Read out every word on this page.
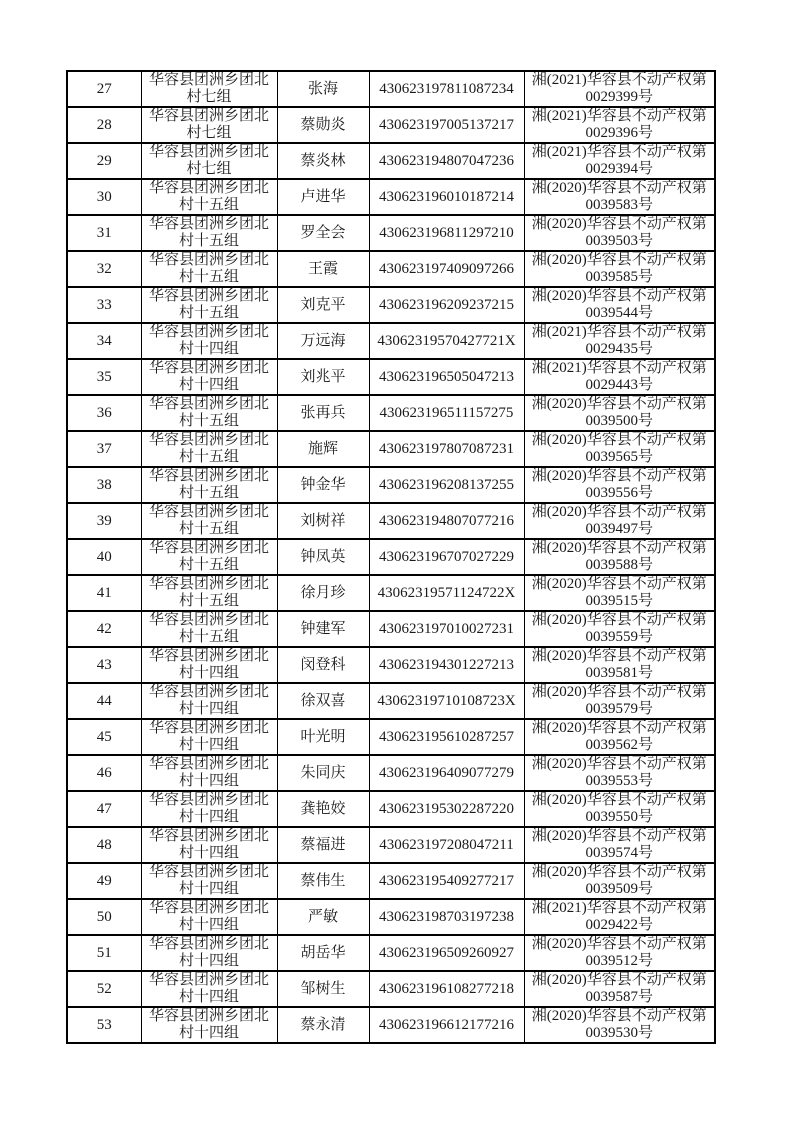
27	华容县团洲乡团北村七组	张海	430623197811087234	湘(2021)华容县不动产权第0029399号
28	华容县团洲乡团北村七组	蔡勋炎	430623197005137217	湘(2021)华容县不动产权第0029396号
29	华容县团洲乡团北村七组	蔡炎林	430623194807047236	湘(2021)华容县不动产权第0029394号
30	华容县团洲乡团北村十五组	卢进华	430623196010187214	湘(2020)华容县不动产权第0039583号
31	华容县团洲乡团北村十五组	罗全会	430623196811297210	湘(2020)华容县不动产权第0039503号
32	华容县团洲乡团北村十五组	王霞	430623197409097266	湘(2020)华容县不动产权第0039585号
33	华容县团洲乡团北村十五组	刘克平	430623196209237215	湘(2020)华容县不动产权第0039544号
34	华容县团洲乡团北村十四组	万远海	43062319570427721X	湘(2021)华容县不动产权第0029435号
35	华容县团洲乡团北村十四组	刘兆平	430623196505047213	湘(2021)华容县不动产权第0029443号
36	华容县团洲乡团北村十五组	张再兵	430623196511157275	湘(2020)华容县不动产权第0039500号
37	华容县团洲乡团北村十五组	施辉	430623197807087231	湘(2020)华容县不动产权第0039565号
38	华容县团洲乡团北村十五组	钟金华	430623196208137255	湘(2020)华容县不动产权第0039556号
39	华容县团洲乡团北村十五组	刘树祥	430623194807077216	湘(2020)华容县不动产权第0039497号
40	华容县团洲乡团北村十五组	钟凤英	430623196707027229	湘(2020)华容县不动产权第0039588号
41	华容县团洲乡团北村十五组	徐月珍	43062319571124722X	湘(2020)华容县不动产权第0039515号
42	华容县团洲乡团北村十五组	钟建军	430623197010027231	湘(2020)华容县不动产权第0039559号
43	华容县团洲乡团北村十四组	闵登科	430623194301227213	湘(2020)华容县不动产权第0039581号
44	华容县团洲乡团北村十四组	徐双喜	43062319710108723X	湘(2020)华容县不动产权第0039579号
45	华容县团洲乡团北村十四组	叶光明	430623195610287257	湘(2020)华容县不动产权第0039562号
46	华容县团洲乡团北村十四组	朱同庆	430623196409077279	湘(2020)华容县不动产权第0039553号
47	华容县团洲乡团北村十四组	龚艳姣	430623195302287220	湘(2020)华容县不动产权第0039550号
48	华容县团洲乡团北村十四组	蔡福进	430623197208047211	湘(2020)华容县不动产权第0039574号
49	华容县团洲乡团北村十四组	蔡伟生	430623195409277217	湘(2020)华容县不动产权第0039509号
50	华容县团洲乡团北村十四组	严敏	430623198703197238	湘(2021)华容县不动产权第0029422号
51	华容县团洲乡团北村十四组	胡岳华	430623196509260927	湘(2020)华容县不动产权第0039512号
52	华容县团洲乡团北村十四组	邹树生	430623196108277218	湘(2020)华容县不动产权第0039587号
53	华容县团洲乡团北村十四组	蔡永清	430623196612177216	湘(2020)华容县不动产权第0039530号
